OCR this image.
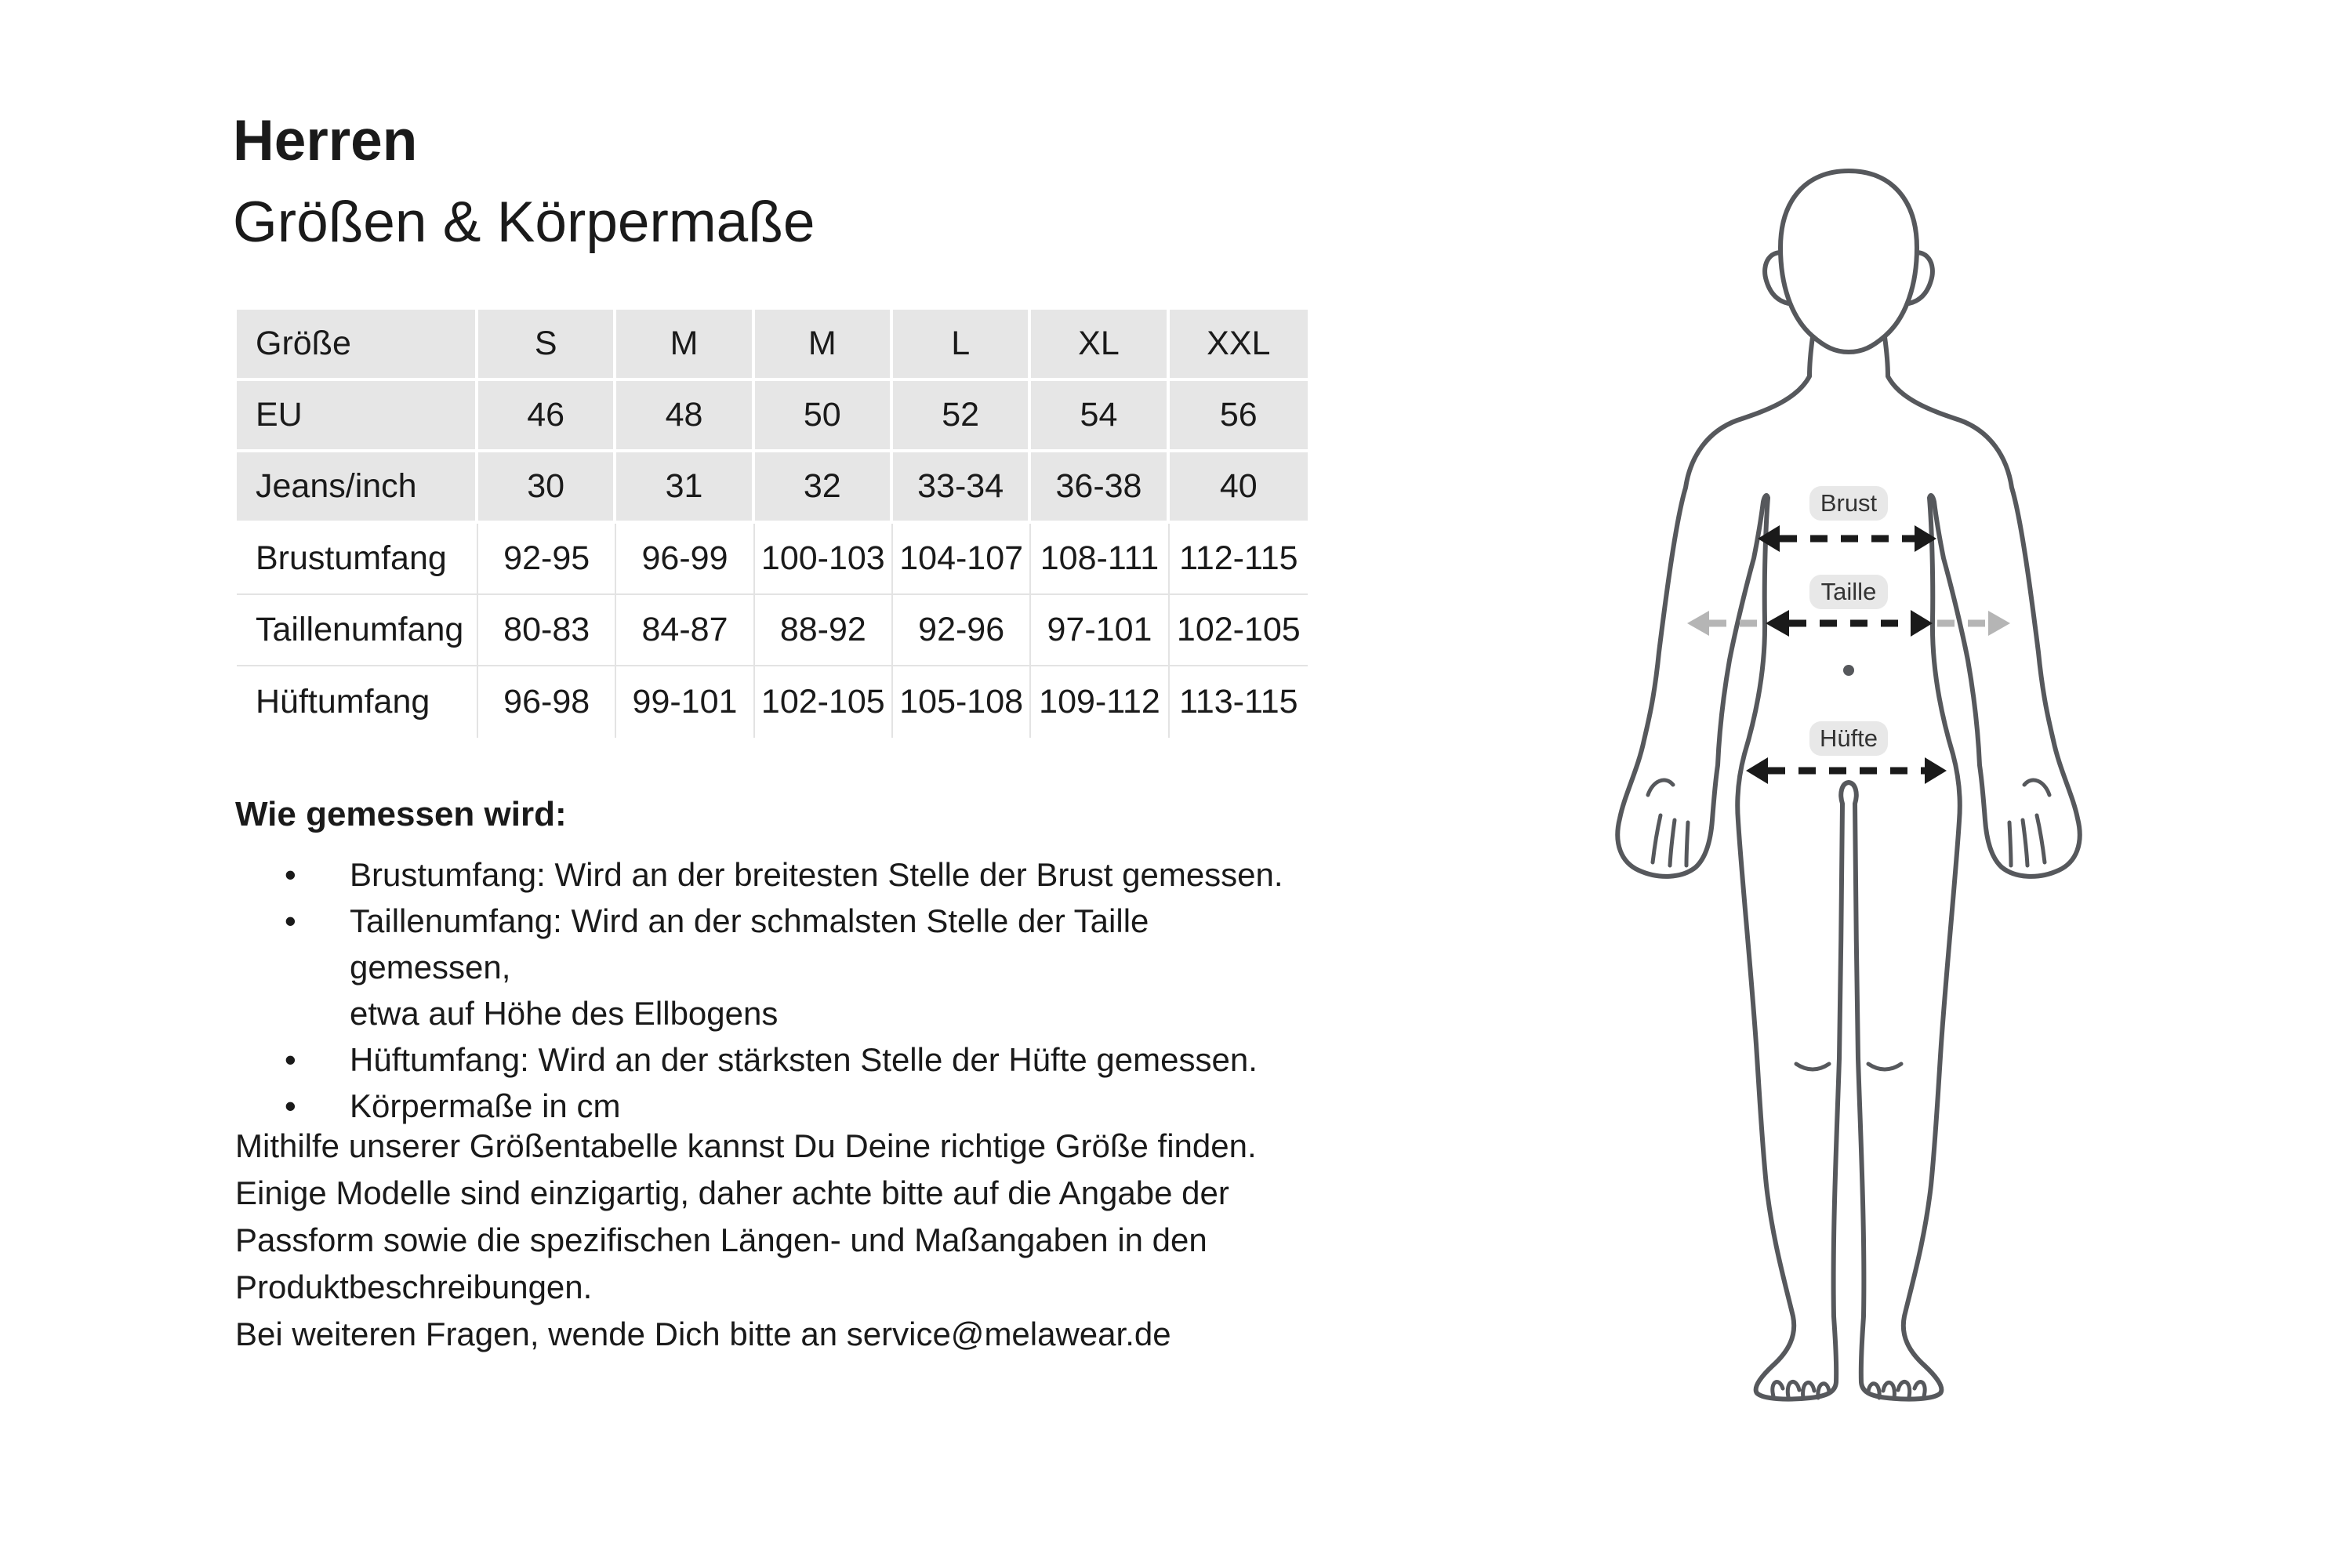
Herren
Größen & Körpermaße
Größe	S	M	M	L	XL	XXL
EU	46	48	50	52	54	56
Jeans/inch	30	31	32	33-34	36-38	40
Brustumfang	92-95	96-99	100-103	104-107	108-111	112-115
Taillenumfang	80-83	84-87	88-92	92-96	97-101	102-105
Hüftumfang	96-98	99-101	102-105	105-108	109-112	113-115
Wie gemessen wird:
•	Brustumfang: Wird an der breitesten Stelle der Brust gemessen.
•	Taillenumfang: Wird an der schmalsten Stelle der Taille gemessen,
etwa auf Höhe des Ellbogens
•	Hüftumfang: Wird an der stärksten Stelle der Hüfte gemessen.
•	Körpermaße in cm
Mithilfe unserer Größentabelle kannst Du Deine richtige Größe finden.
Einige Modelle sind einzigartig, daher achte bitte auf die Angabe der
Passform sowie die spezifischen Längen- und Maßangaben in den
Produktbeschreibungen.
Bei weiteren Fragen, wende Dich bitte an service@melawear.de
Brust
Taille
Hüfte
